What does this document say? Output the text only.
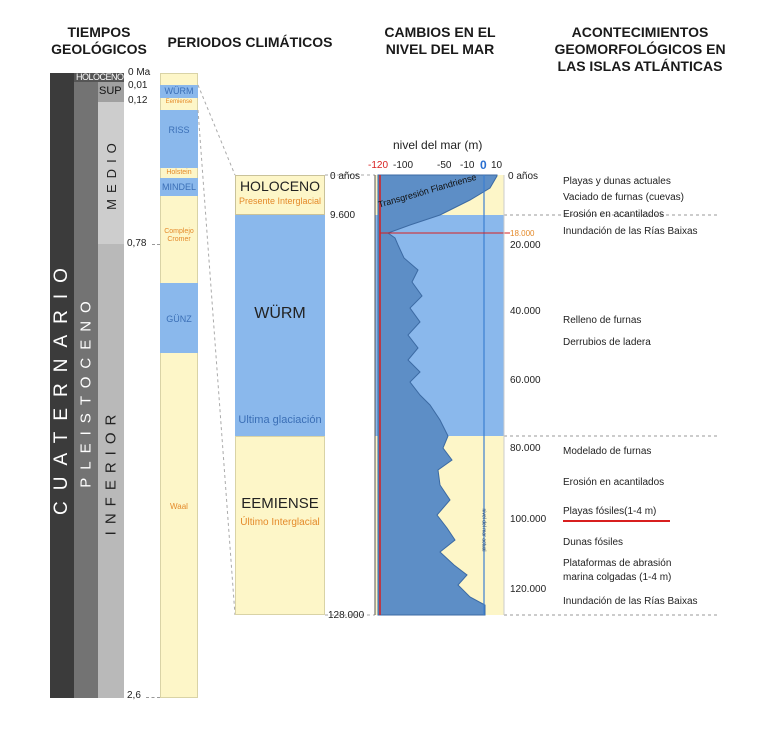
TIEMPOS
GEOLÓGICOS	PERIODOS CLIMÁTICOS
CAMBIOS EN EL
NIVEL DEL MAR
ACONTECIMIENTOS
GEOMORFOLÓGICOS EN
LAS ISLAS ATLÁNTICAS
CUATERNARIO PLEISTOCENO
HOLOCENO
SUP
MEDIO
INFERIOR
0 Ma
0,01
0,12
0,78
2,6
WÜRM
Eemiense
RISS
Holstein
MINDEL
Complejo
Cromer
GÜNZ
Waal
HOLOCENO
Presente Interglacial
WÜRM
Ultima glaciación
EEMIENSE
Último Interglacial
0 años
9.600
128.000
nivel del mar (m)
-120 -100 -50 -10 0 10
Transgresión Flandriense
nivel del mar actual
0 años
18.000
20.000
40.000
60.000
80.000
100.000
120.000
Playas y dunas actuales
Vaciado de furnas (cuevas)
Erosión en acantilados
Inundación de las Rías Baixas
Relleno de furnas
Derrubios de ladera
Modelado de furnas
Erosión en acantilados
Playas fósiles(1-4 m)
Dunas fósiles
Plataformas de abrasión
marina colgadas (1-4 m)
Inundación de las Rías Baixas
